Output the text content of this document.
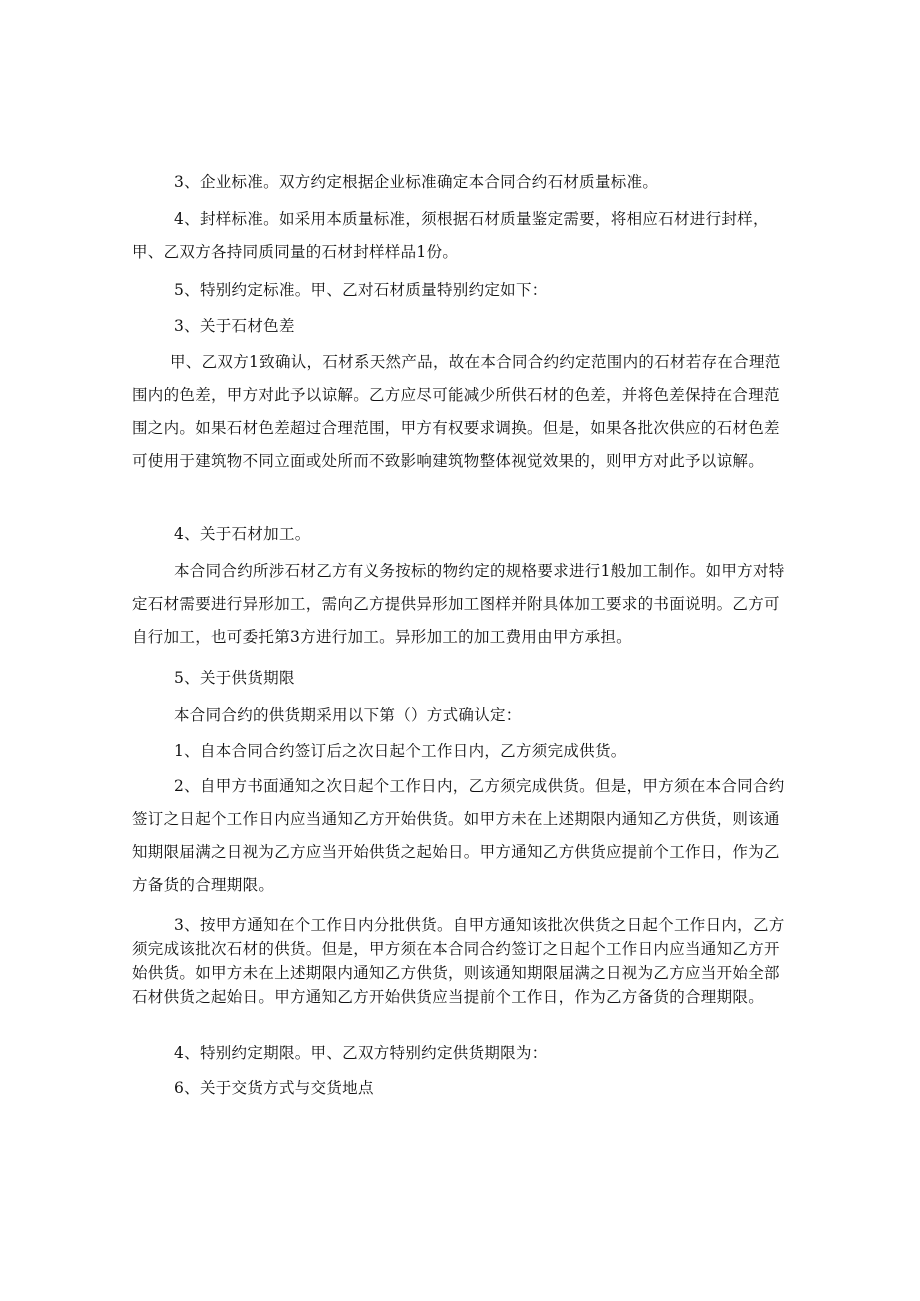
3、企业标准。双方约定根据企业标准确定本合同合约石材质量标准。

4、封样标准。如采用本质量标准，须根据石材质量鉴定需要，将相应石材进行封样，甲、乙双方各持同质同量的石材封样样品1份。

5、特别约定标准。甲、乙对石材质量特别约定如下：

3、关于石材色差

甲、乙双方1致确认，石材系天然产品，故在本合同合约约定范围内的石材若存在合理范围内的色差，甲方对此予以谅解。乙方应尽可能减少所供石材的色差，并将色差保持在合理范围之内。如果石材色差超过合理范围，甲方有权要求调换。但是，如果各批次供应的石材色差可使用于建筑物不同立面或处所而不致影响建筑物整体视觉效果的，则甲方对此予以谅解。

4、关于石材加工。

本合同合约所涉石材乙方有义务按标的物约定的规格要求进行1般加工制作。如甲方对特定石材需要进行异形加工，需向乙方提供异形加工图样并附具体加工要求的书面说明。乙方可自行加工，也可委托第3方进行加工。异形加工的加工费用由甲方承担。

5、关于供货期限

本合同合约的供货期采用以下第（）方式确认定：

1、自本合同合约签订后之次日起个工作日内，乙方须完成供货。

2、自甲方书面通知之次日起个工作日内，乙方须完成供货。但是，甲方须在本合同合约签订之日起个工作日内应当通知乙方开始供货。如甲方未在上述期限内通知乙方供货，则该通知期限届满之日视为乙方应当开始供货之起始日。甲方通知乙方供货应提前个工作日，作为乙方备货的合理期限。

3、按甲方通知在个工作日内分批供货。自甲方通知该批次供货之日起个工作日内，乙方须完成该批次石材的供货。但是，甲方须在本合同合约签订之日起个工作日内应当通知乙方开始供货。如甲方未在上述期限内通知乙方供货，则该通知期限届满之日视为乙方应当开始全部石材供货之起始日。甲方通知乙方开始供货应当提前个工作日，作为乙方备货的合理期限。

4、特别约定期限。甲、乙双方特别约定供货期限为：

6、关于交货方式与交货地点
